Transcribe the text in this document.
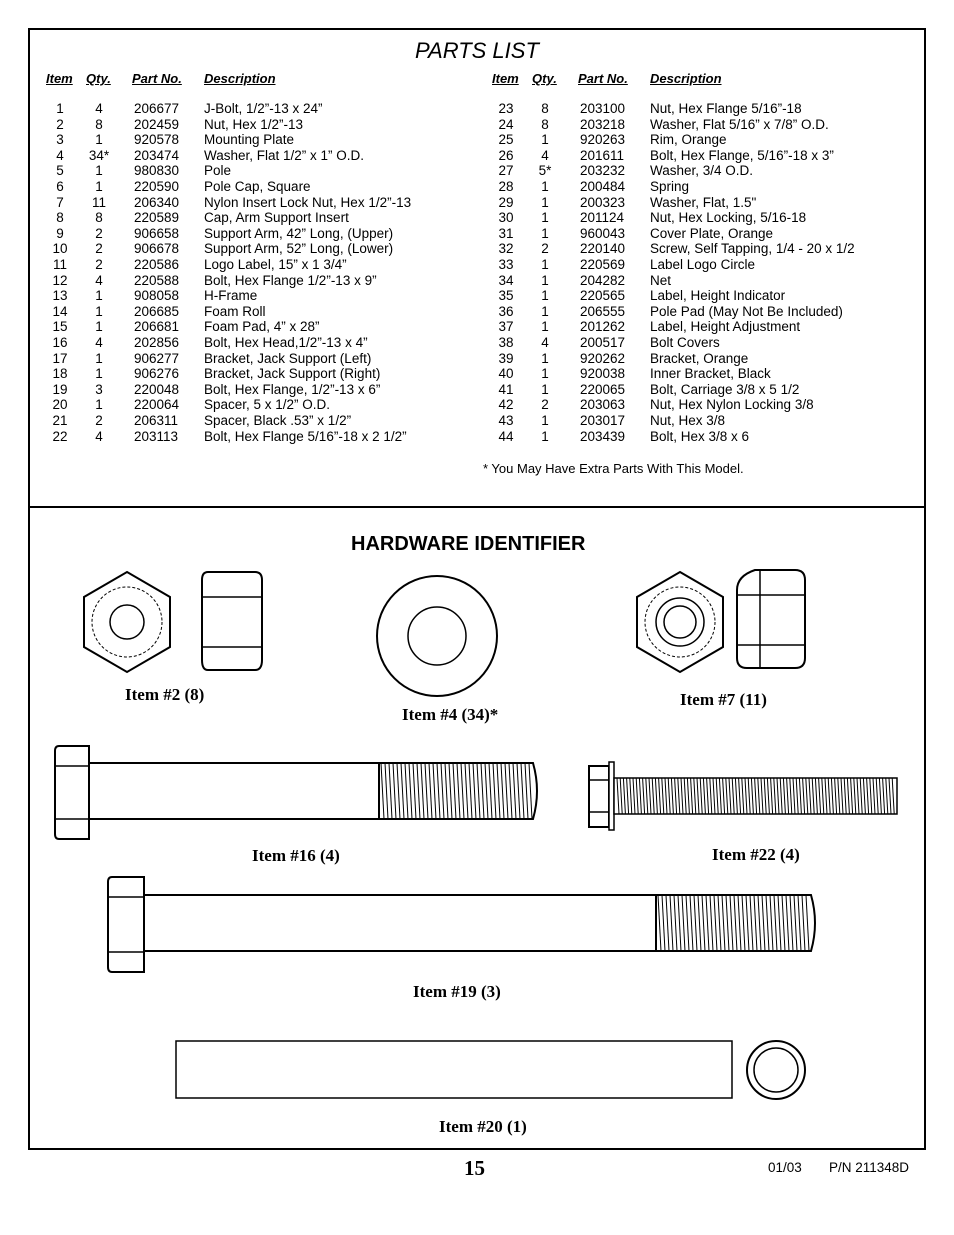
PARTS LIST
Item Qty. Part No. Description	Item Qty. Part No. Description
1	4	206677 J-Bolt, 1/2”-13 x 24”
2	8	202459 Nut, Hex 1/2”-13
3	1	920578 Mounting Plate
4	34*	203474 Washer, Flat 1/2” x 1” O.D.
5	1	980830 Pole
6	1	220590 Pole Cap, Square
7	11	206340 Nylon Insert Lock Nut, Hex 1/2”-13
8	8	220589 Cap, Arm Support Insert
9	2	906658 Support Arm, 42” Long, (Upper)
10	2	906678 Support Arm, 52” Long, (Lower)
11	2	220586 Logo Label, 15” x 1 3/4”
12	4	220588 Bolt, Hex Flange 1/2”-13 x 9”
13	1	908058 H-Frame
14	1	206685 Foam Roll
15	1	206681 Foam Pad, 4” x 28”
16	4	202856 Bolt, Hex Head,1/2”-13 x 4”
17	1	906277 Bracket, Jack Support (Left)
18	1	906276 Bracket, Jack Support (Right)
19	3	220048 Bolt, Hex Flange, 1/2”-13 x 6”
20	1	220064 Spacer, 5 x 1/2” O.D.
21	2	206311 Spacer, Black .53” x 1/2”
22	4	203113 Bolt, Hex Flange 5/16”-18 x 2 1/2”
23	8	203100 Nut, Hex Flange 5/16”-18
24	8	203218 Washer, Flat 5/16” x 7/8” O.D.
25	1	920263 Rim, Orange
26	4	201611 Bolt, Hex Flange, 5/16”-18 x 3”
27	5*	203232 Washer, 3/4 O.D.
28	1	200484 Spring
29	1	200323 Washer, Flat, 1.5"
30	1	201124 Nut, Hex Locking, 5/16-18
31	1	960043 Cover Plate, Orange
32	2	220140 Screw, Self Tapping, 1/4 - 20 x 1/2
33	1	220569 Label Logo Circle
34	1	204282 Net
35	1	220565 Label, Height Indicator
36	1	206555 Pole Pad (May Not Be Included)
37	1	201262 Label, Height Adjustment
38	4	200517 Bolt Covers
39	1	920262 Bracket, Orange
40	1	920038 Inner Bracket, Black
41	1	220065 Bolt, Carriage 3/8 x 5 1/2
42	2	203063 Nut, Hex Nylon Locking 3/8
43	1	203017 Nut, Hex 3/8
44	1	203439 Bolt, Hex 3/8 x 6
* You May Have Extra Parts With This Model.
HARDWARE IDENTIFIER
Item #2 (8)
Item #4 (34)*
Item #7 (11)
Item #16 (4)	Item #22 (4)
Item #19 (3)
Item #20 (1)
15	01/03 P/N 211348D
